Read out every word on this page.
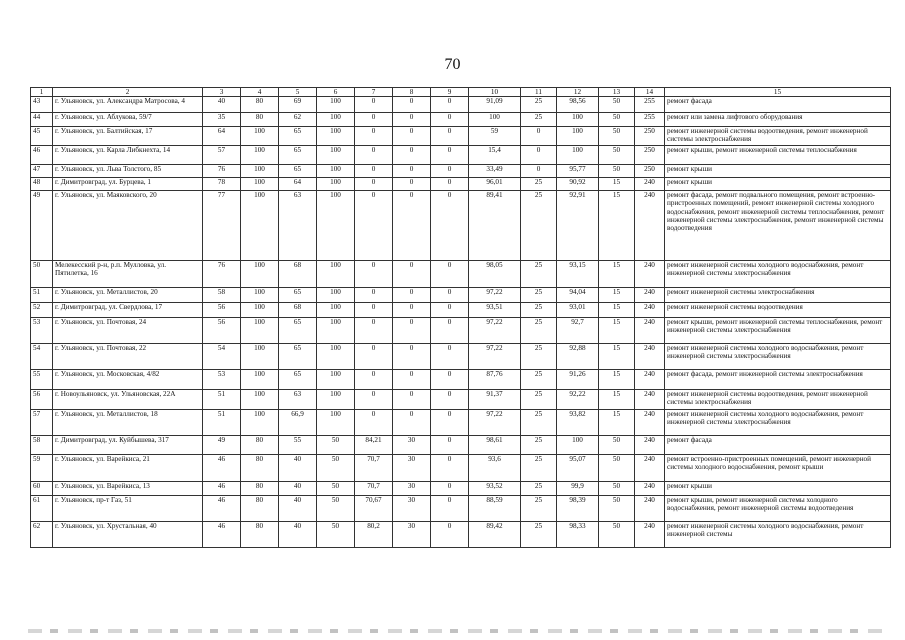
70
1	2	3	4	5	6	7	8	9	10	11	12	13	14	15
43	г. Ульяновск, ул. Александра Матросова, 4	40	80	69	100	0	0	0	91,09	25	98,56	50	255	ремонт фасада
44	г. Ульяновск, ул. Аблукова, 59/7	35	80	62	100	0	0	0	100	25	100	50	255	ремонт или замена лифтового оборудования
45	г. Ульяновск, ул. Балтийская, 17	64	100	65	100	0	0	0	59	0	100	50	250	ремонт инженерной системы водоотведения, ремонт инженерной системы электроснабжения
46	г. Ульяновск, ул. Карла Либкнехта, 14	57	100	65	100	0	0	0	15,4	0	100	50	250	ремонт крыши, ремонт инженерной системы теплоснабжения
47	г. Ульяновск, ул. Льва Толстого, 85	76	100	65	100	0	0	0	33,49	0	95,77	50	250	ремонт крыши
48	г. Димитровград, ул. Бурцева, 1	78	100	64	100	0	0	0	96,01	25	90,92	15	240	ремонт крыши
49	г. Ульяновск, ул. Маяковского, 20	77	100	63	100	0	0	0	89,41	25	92,91	15	240	ремонт фасада, ремонт подвального помещения, ремонт встроенно-пристроенных помещений, ремонт инженерной системы холодного водоснабжения, ремонт инженерной системы теплоснабжения, ремонт инженерной системы электроснабжения, ремонт инженерной системы водоотведения
50	Мелекесский р-н, р.п. Мулловка, ул. Пятилетка, 16	76	100	68	100	0	0	0	98,05	25	93,15	15	240	ремонт инженерной системы холодного водоснабжения, ремонт инженерной системы электроснабжения
51	г. Ульяновск, ул. Металлистов, 20	58	100	65	100	0	0	0	97,22	25	94,04	15	240	ремонт инженерной системы электроснабжения
52	г. Димитровград, ул. Свердлова, 17	56	100	68	100	0	0	0	93,51	25	93,01	15	240	ремонт инженерной системы водоотведения
53	г. Ульяновск, ул. Почтовая, 24	56	100	65	100	0	0	0	97,22	25	92,7	15	240	ремонт крыши, ремонт инженерной системы теплоснабжения, ремонт инженерной системы электроснабжения
54	г. Ульяновск, ул. Почтовая, 22	54	100	65	100	0	0	0	97,22	25	92,88	15	240	ремонт инженерной системы холодного водоснабжения, ремонт инженерной системы электроснабжения
55	г. Ульяновск, ул. Московская, 4/82	53	100	65	100	0	0	0	87,76	25	91,26	15	240	ремонт фасада, ремонт инженерной системы электроснабжения
56	г. Новоульяновск, ул. Ульяновская, 22А	51	100	63	100	0	0	0	91,37	25	92,22	15	240	ремонт инженерной системы водоотведения, ремонт инженерной системы электроснабжения
57	г. Ульяновск, ул. Металлистов, 18	51	100	66,9	100	0	0	0	97,22	25	93,82	15	240	ремонт инженерной системы холодного водоснабжения, ремонт инженерной системы электроснабжения
58	г. Димитровград, ул. Куйбышева, 317	49	80	55	50	84,21	30	0	98,61	25	100	50	240	ремонт фасада
59	г. Ульяновск, ул. Варейкиса, 21	46	80	40	50	70,7	30	0	93,6	25	95,07	50	240	ремонт встроенно-пристроенных помещений, ремонт инженерной системы холодного водоснабжения, ремонт крыши
60	г. Ульяновск, ул. Варейкиса, 13	46	80	40	50	70,7	30	0	93,52	25	99,9	50	240	ремонт крыши
61	г. Ульяновск, пр-т Газ, 51	46	80	40	50	70,67	30	0	88,59	25	98,39	50	240	ремонт крыши, ремонт инженерной системы холодного водоснабжения, ремонт инженерной системы водоотведения
62	г. Ульяновск, ул. Хрустальная, 40	46	80	40	50	80,2	30	0	89,42	25	98,33	50	240	ремонт инженерной системы холодного водоснабжения, ремонт инженерной системы
